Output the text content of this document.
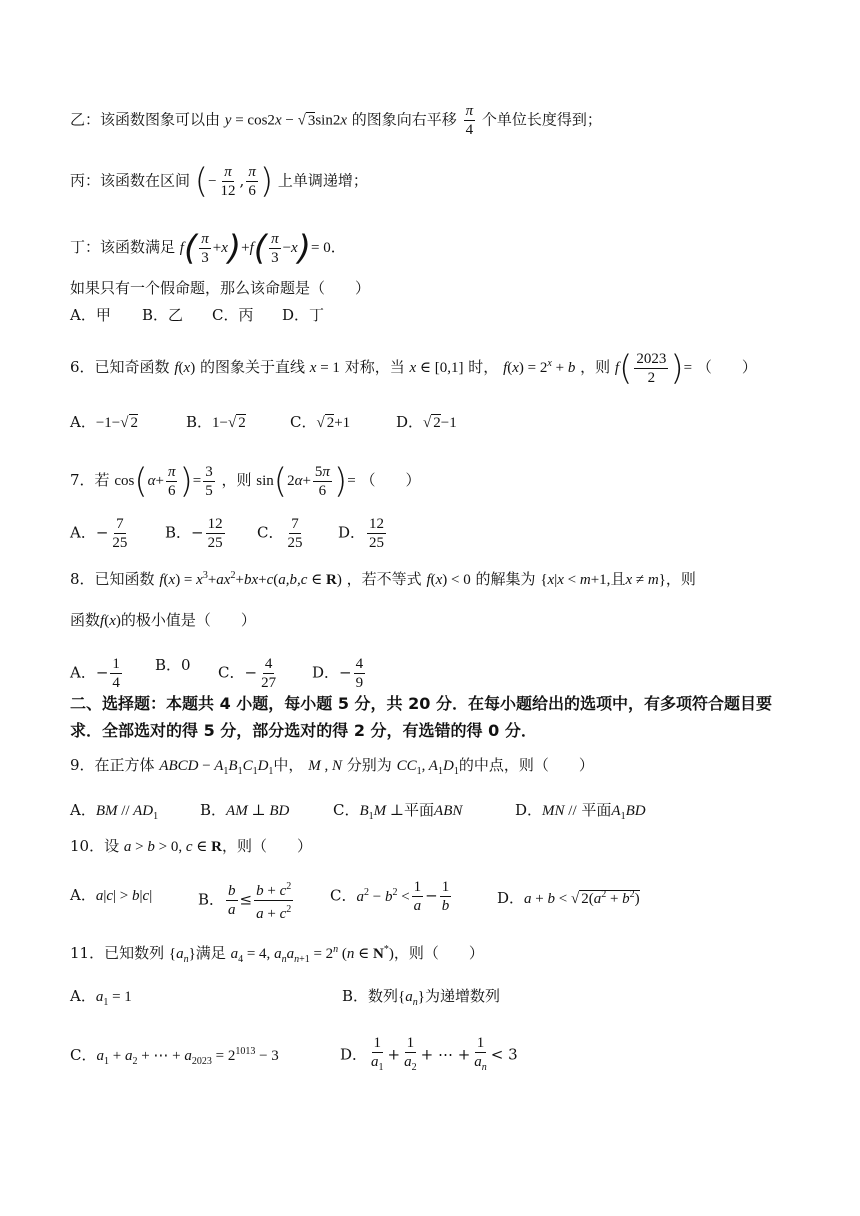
乙：该函数图象可以由 y = cos2x − √ 3sin2x 的图象向右平移 $\frac{\pi}{4}$ 个单位长度得到；
丙：该函数在区间 (− $\frac{\pi}{12}$ , $\frac{\pi}{6}$ ) 上单调递增；
丁：该函数满足 $f( \frac{\pi}{3} +x)+f( \frac{\pi}{3} -x)= 0$．
如果只有一个假命题，那么该命题是（　　）
A．甲 B．乙 C．丙 D．丁
6．已知奇函数 f(x) 的图象关于直线 x = 1 对称，当 x ∈ [0,1] 时， $f(x) = 2^x + b$ ，则 $f( \frac{2023}{2}$ )= （　　）
A．−1−√ 2	B．1−√ 2	C．√ 2+1	D．√ 2−1
7．若 $\cos(\alpha+ \frac{\pi}{6}$ )= $\frac{3}{5}$ ，则 $\sin(2\alpha+ \frac{5\pi}{6}$ )= （　　）
A．− $\frac{7}{25}$ B．− $\frac{12}{25}$ C． $\frac{7}{25}$ D． $\frac{12}{25}$
8．已知函数 $f(x) = x^3+ax^2+bx+c(a,b,c$ ∈ R) ，若不等式 f(x) < 0 的解集为 {x|x < m+1,且x ≠ m}，则
函数f(x)的极小值是（　　）
A．− $\frac{1}{4}$ B．0 C．− $\frac{4}{27}$ D．− $\frac{4}{9}$
二、选择题：本题共 4 小题，每小题 5 分，共 20 分．在每小题给出的选项中，有多项符合题目要求．全部选对的得 5 分，部分选对的得 2 分，有选错的得 0 分．
9．在正方体 ABCD − $A_1B_1C_1D_1$中， M , N 分别为 $CC_1$, $A_1D_1$的中点，则（　　）
A．BM // $AD_1$	B．AM ⊥ BD	C．$B_1M$ ⊥平面ABN	D．MN // 平面$A_1BD$
10．设 a > b > 0, c ∈ R，则（　　）
A．a|c| > b|c|	B． $\frac{b}{a} \le \frac{b + c^2}{a + c^2}$ C．$a^2 - b^2 < \frac{1}{a} - \frac{1}{b}$	D．a + b < √ $2(a^2 + b^2)$
11．已知数列 $\{a_n\}$满足 $a_4 = 4$, $a_na_{n+1} = 2^n$ (n ∈ N*)，则（　　）
A．$a_1 = 1$	B．数列$\{a_n\}$为递增数列
C．$a_1 + a_2$ + ⋯ + $a_{2023} = 2^{1013} - 3$	D． $\frac{1}{a_1} + \frac{1}{a_2}$ + ⋯ + $\frac{1}{a_n} < 3$
